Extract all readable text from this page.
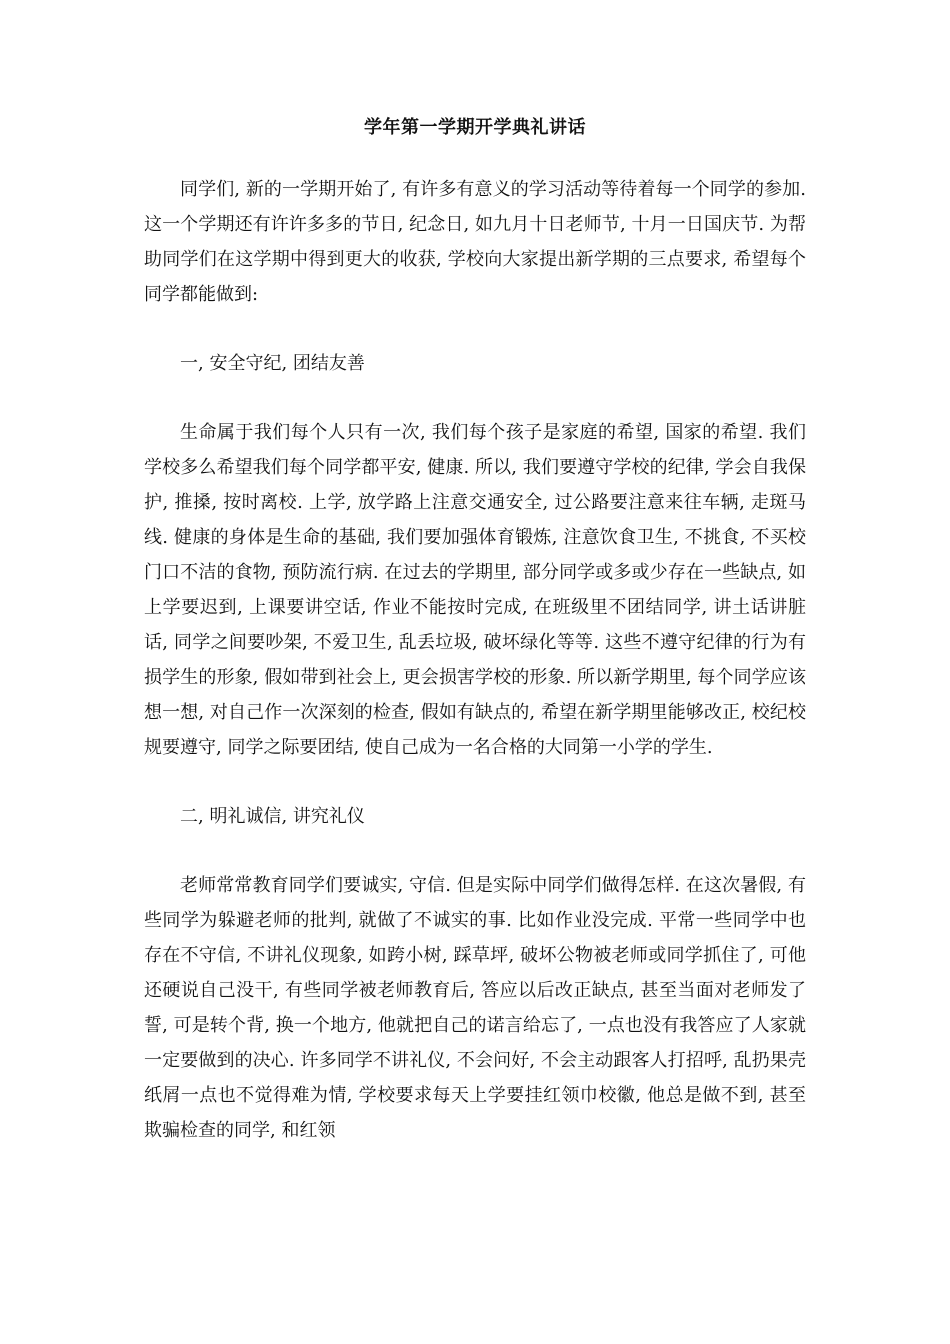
学年第一学期开学典礼讲话

同学们, 新的一学期开始了, 有许多有意义的学习活动等待着每一个同学的参加. 这一个学期还有许许多多的节日, 纪念日, 如九月十日老师节, 十月一日国庆节. 为帮助同学们在这学期中得到更大的收获, 学校向大家提出新学期的三点要求, 希望每个同学都能做到:

一, 安全守纪, 团结友善

生命属于我们每个人只有一次, 我们每个孩子是家庭的希望, 国家的希望. 我们学校多么希望我们每个同学都平安, 健康. 所以, 我们要遵守学校的纪律, 学会自我保护, 推搡, 按时离校. 上学, 放学路上注意交通安全, 过公路要注意来往车辆, 走斑马线. 健康的身体是生命的基础, 我们要加强体育锻炼, 注意饮食卫生, 不挑食, 不买校门口不洁的食物, 预防流行病. 在过去的学期里, 部分同学或多或少存在一些缺点, 如上学要迟到, 上课要讲空话, 作业不能按时完成, 在班级里不团结同学, 讲土话讲脏话, 同学之间要吵架, 不爱卫生, 乱丢垃圾, 破坏绿化等等. 这些不遵守纪律的行为有损学生的形象, 假如带到社会上, 更会损害学校的形象. 所以新学期里, 每个同学应该想一想, 对自己作一次深刻的检查, 假如有缺点的, 希望在新学期里能够改正, 校纪校规要遵守, 同学之际要团结, 使自己成为一名合格的大同第一小学的学生.

二, 明礼诚信, 讲究礼仪

老师常常教育同学们要诚实, 守信. 但是实际中同学们做得怎样. 在这次暑假, 有些同学为躲避老师的批判, 就做了不诚实的事. 比如作业没完成. 平常一些同学中也存在不守信, 不讲礼仪现象, 如跨小树, 踩草坪, 破坏公物被老师或同学抓住了, 可他还硬说自己没干, 有些同学被老师教育后, 答应以后改正缺点, 甚至当面对老师发了誓, 可是转个背, 换一个地方, 他就把自己的诺言给忘了, 一点也没有我答应了人家就一定要做到的决心. 许多同学不讲礼仪, 不会问好, 不会主动跟客人打招呼, 乱扔果壳纸屑一点也不觉得难为情, 学校要求每天上学要挂红领巾校徽, 他总是做不到, 甚至欺骗检查的同学, 和红领
